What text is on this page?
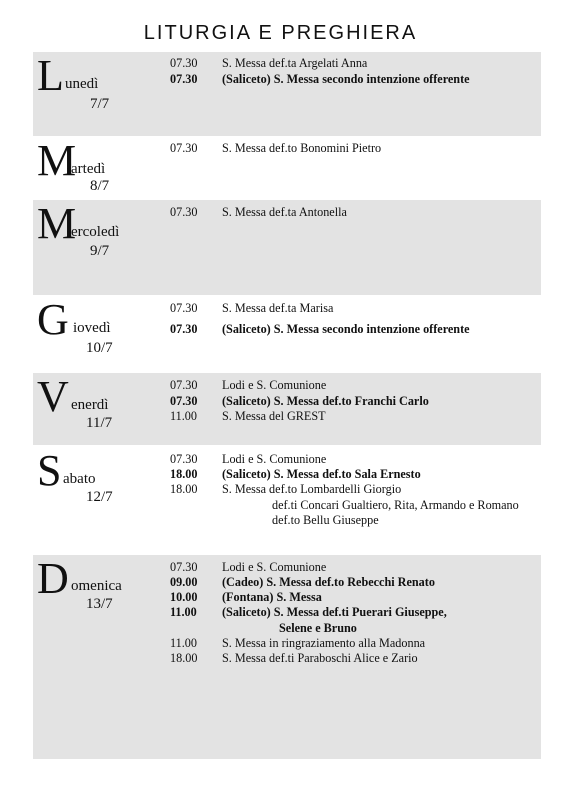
LITURGIA E PREGHIERA
L unedì
7/7
07.30 S. Messa def.ta Argelati Anna
07.30 (Saliceto) S. Messa secondo intenzione offerente
M
artedì
8/7
07.30 S. Messa def.to Bonomini Pietro
M
ercoledì
9/7
07.30 S. Messa def.ta Antonella
G iovedì
10/7
07.30 S. Messa def.ta Marisa
07.30 (Saliceto) S. Messa secondo intenzione offerente
V enerdì
11/7
07.30 Lodi e S. Comunione
07.30 (Saliceto) S. Messa def.to Franchi Carlo
11.00 S. Messa del GREST
S abato
12/7
07.30 Lodi e S. Comunione
18.00 (Saliceto) S. Messa def.to Sala Ernesto
18.00 S. Messa def.to Lombardelli Giorgio
def.ti Concari Gualtiero, Rita, Armando e Romano
def.to Bellu Giuseppe
D omenica
13/7
07.30 Lodi e S. Comunione
09.00 (Cadeo) S. Messa def.to Rebecchi Renato
10.00 (Fontana) S. Messa
11.00 (Saliceto) S. Messa def.ti Puerari Giuseppe,
Selene e Bruno
11.00 S. Messa in ringraziamento alla Madonna
18.00 S. Messa def.ti Paraboschi Alice e Zario
